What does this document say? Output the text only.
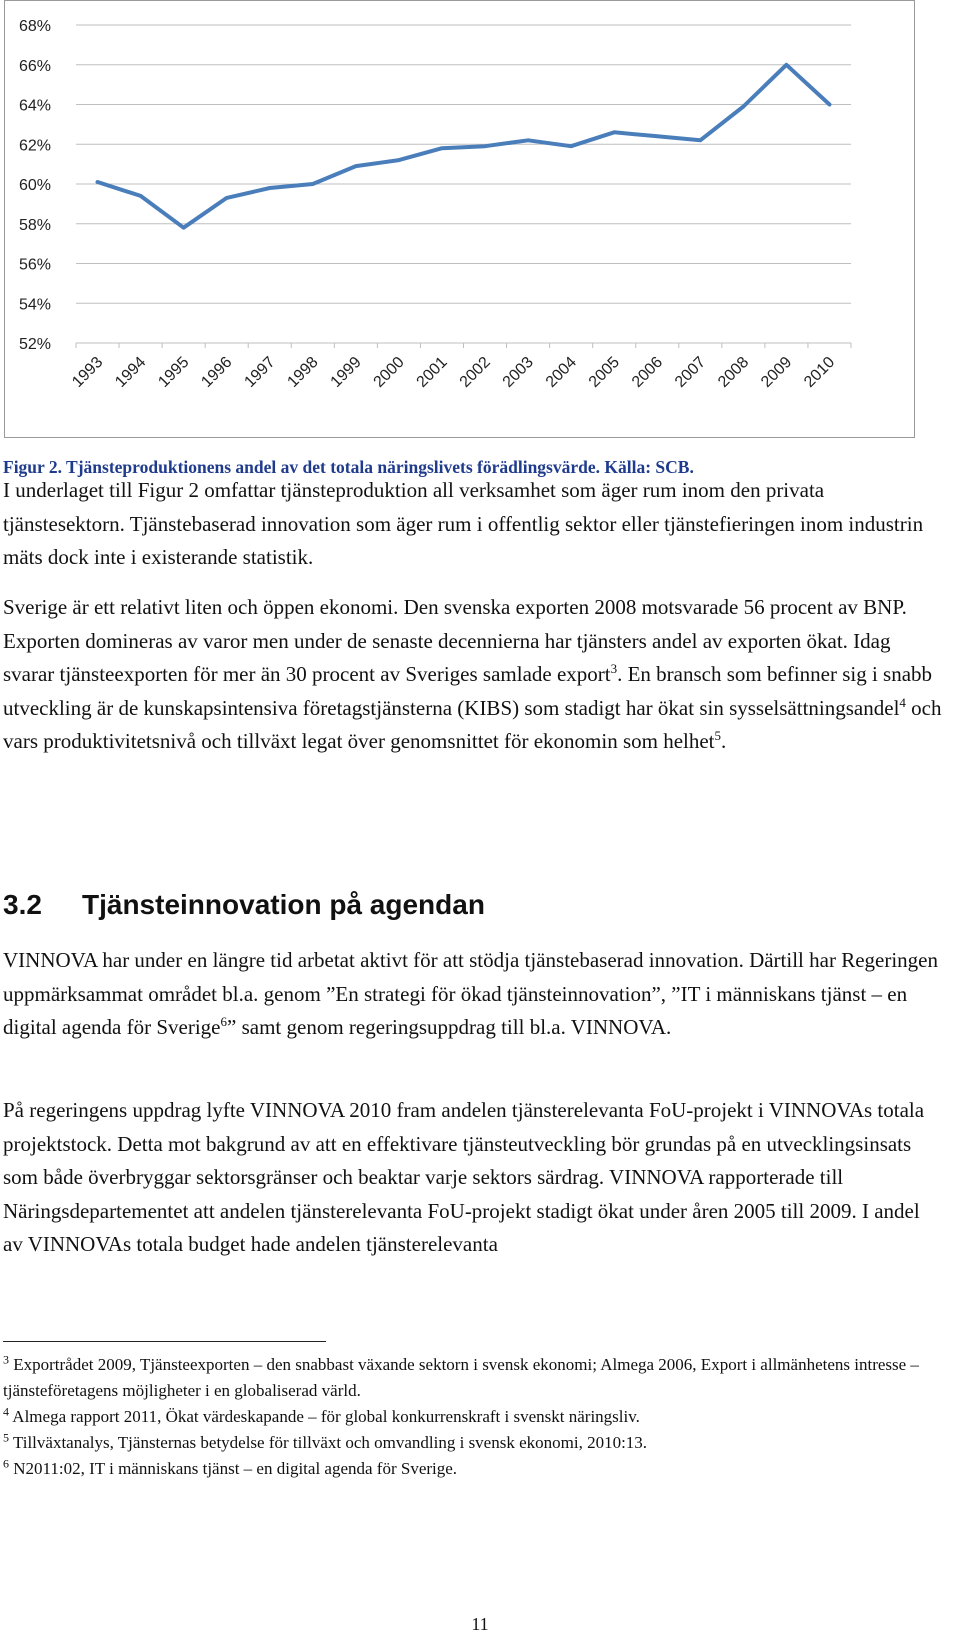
68%
66%
64%
62%
60%
58%
56%
54%
52%
1993 1994 1995 1996 1997 1998 1999 2000 2001 2002 2003 2004 2005 2006 2007 2008 2009 2010

Figur 2. Tjänsteproduktionens andel av det totala näringslivets förädlingsvärde. Källa: SCB.

I underlaget till Figur 2 omfattar tjänsteproduktion all verksamhet som äger rum inom den privata tjänstesektorn. Tjänstebaserad innovation som äger rum i offentlig sektor eller tjänstefieringen inom industrin mäts dock inte i existerande statistik.

Sverige är ett relativt liten och öppen ekonomi. Den svenska exporten 2008 motsvarade 56 procent av BNP. Exporten domineras av varor men under de senaste decennierna har tjänsters andel av exporten ökat. Idag svarar tjänsteexporten för mer än 30 procent av Sveriges samlade export$^3$. En bransch som befinner sig i snabb utveckling är de kunskapsintensiva företagstjänsterna (KIBS) som stadigt har ökat sin sysselsättningsandel$^4$ och vars produktivitetsnivå och tillväxt legat över genomsnittet för ekonomin som helhet$^5$.

3.2 Tjänsteinnovation på agendan

VINNOVA har under en längre tid arbetat aktivt för att stödja tjänstebaserad innovation. Därtill har Regeringen uppmärksammat området bl.a. genom ”En strategi för ökad tjänsteinnovation”, ”IT i människans tjänst – en digital agenda för Sverige$^6$” samt genom regeringsuppdrag till bl.a. VINNOVA.

På regeringens uppdrag lyfte VINNOVA 2010 fram andelen tjänsterelevanta FoU-projekt i VINNOVAs totala projektstock. Detta mot bakgrund av att en effektivare tjänsteutveckling bör grundas på en utvecklingsinsats som både överbryggar sektorsgränser och beaktar varje sektors särdrag. VINNOVA rapporterade till Näringsdepartementet att andelen tjänsterelevanta FoU-projekt stadigt ökat under åren 2005 till 2009. I andel av VINNOVAs totala budget hade andelen tjänsterelevanta

$^3$ Exportrådet 2009, Tjänsteexporten – den snabbast växande sektorn i svensk ekonomi; Almega 2006, Export i allmänhetens intresse – tjänsteföretagens möjligheter i en globaliserad värld.
$^4$ Almega rapport 2011, Ökat värdeskapande – för global konkurrenskraft i svenskt näringsliv.
$^5$ Tillväxtanalys, Tjänsternas betydelse för tillväxt och omvandling i svensk ekonomi, 2010:13.
$^6$ N2011:02, IT i människans tjänst – en digital agenda för Sverige.

11
